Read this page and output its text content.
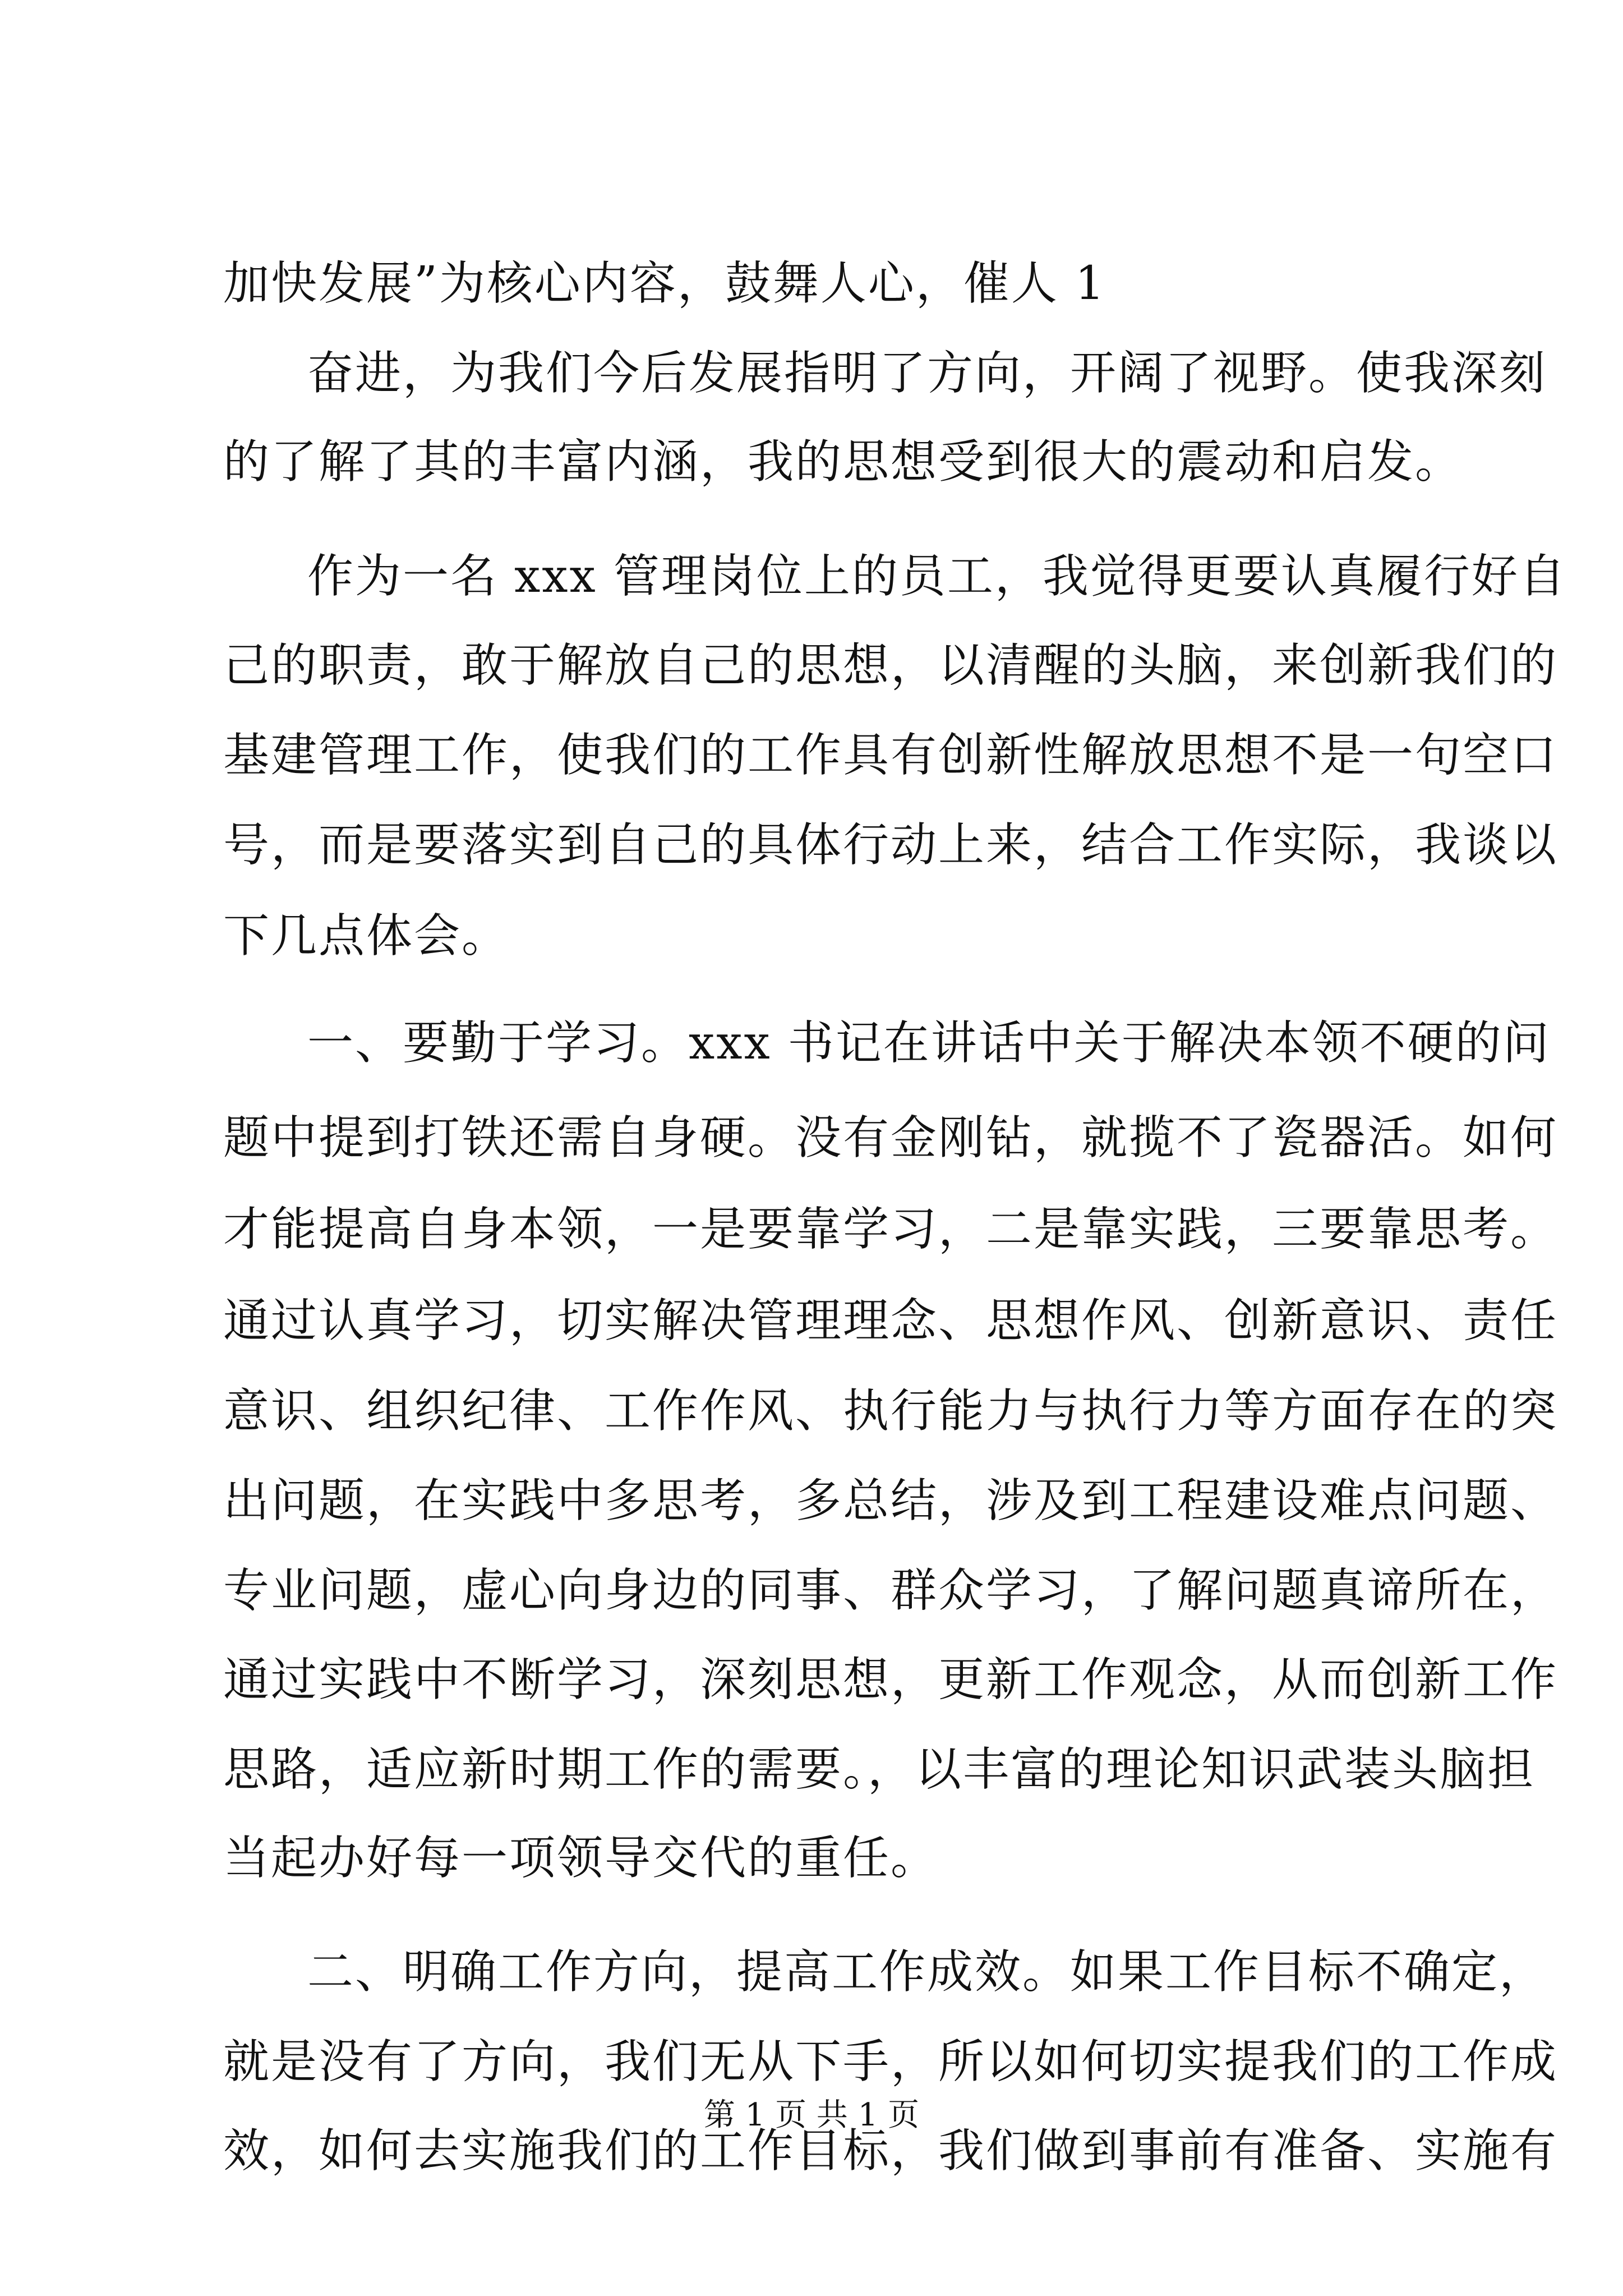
加快发展”为核心内容，鼓舞人心，催人 1
奋进，为我们今后发展指明了方向，开阔了视野。使我深刻
的了解了其的丰富内涵，我的思想受到很大的震动和启发。
作为一名 xxx 管理岗位上的员工，我觉得更要认真履行好自
己的职责，敢于解放自己的思想，以清醒的头脑，来创新我们的
基建管理工作，使我们的工作具有创新性解放思想不是一句空口
号，而是要落实到自己的具体行动上来，结合工作实际，我谈以
下几点体会。
一、要勤于学习。xxx 书记在讲话中关于解决本领不硬的问
题中提到打铁还需自身硬。没有金刚钻，就揽不了瓷器活。如何
才能提高自身本领，一是要靠学习，二是靠实践，三要靠思考。
通过认真学习，切实解决管理理念、思想作风、创新意识、责任
意识、组织纪律、工作作风、执行能力与执行力等方面存在的突
出问题，在实践中多思考，多总结，涉及到工程建设难点问题、
专业问题，虚心向身边的同事、群众学习，了解问题真谛所在，
通过实践中不断学习，深刻思想，更新工作观念，从而创新工作
思路，适应新时期工作的需要。，以丰富的理论知识武装头脑担
当起办好每一项领导交代的重任。
二、明确工作方向，提高工作成效。如果工作目标不确定，
就是没有了方向，我们无从下手，所以如何切实提我们的工作成
效，如何去实施我们的工作目标，我们做到事前有准备、实施有
第 1 页 共 1 页
